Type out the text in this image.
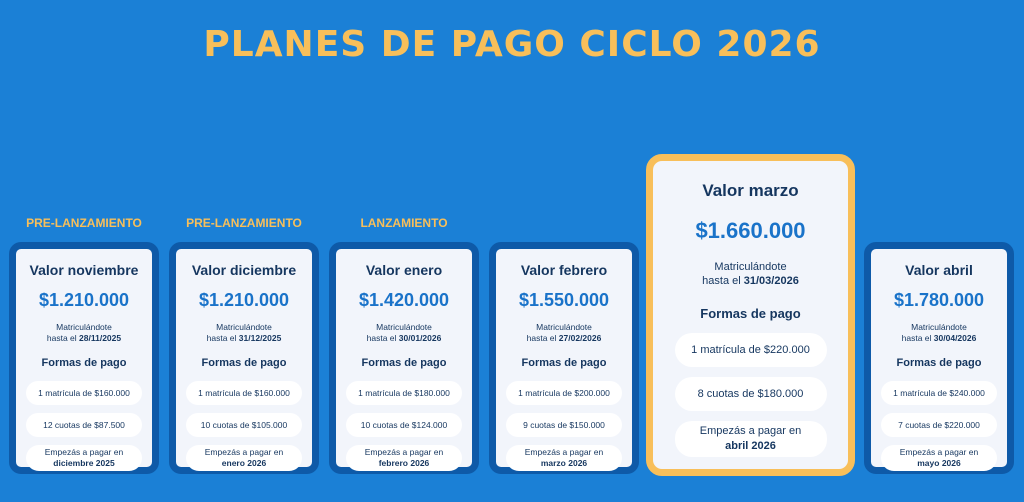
PLANES DE PAGO CICLO 2026
PRE-LANZAMIENTO	PRE-LANZAMIENTO	LANZAMIENTO
Valor noviembre
$1.210.000
Matriculándote
hasta el 28/11/2025
Formas de pago
1 matrícula de $160.000
12 cuotas de $87.500
Empezás a pagar en
diciembre 2025
Valor diciembre
$1.210.000
Matriculándote
hasta el 31/12/2025
Formas de pago
1 matrícula de $160.000
10 cuotas de $105.000
Empezás a pagar en
enero 2026
Valor enero
$1.420.000
Matriculándote
hasta el 30/01/2026
Formas de pago
1 matrícula de $180.000
10 cuotas de $124.000
Empezás a pagar en
febrero 2026
Valor febrero
$1.550.000
Matriculándote
hasta el 27/02/2026
Formas de pago
1 matrícula de $200.000
9 cuotas de $150.000
Empezás a pagar en
marzo 2026
Valor marzo
$1.660.000
Matriculándote
hasta el 31/03/2026
Formas de pago
1 matrícula de $220.000
8 cuotas de $180.000
Empezás a pagar en
abril 2026
Valor abril
$1.780.000
Matriculándote
hasta el 30/04/2026
Formas de pago
1 matrícula de $240.000
7 cuotas de $220.000
Empezás a pagar en
mayo 2026
